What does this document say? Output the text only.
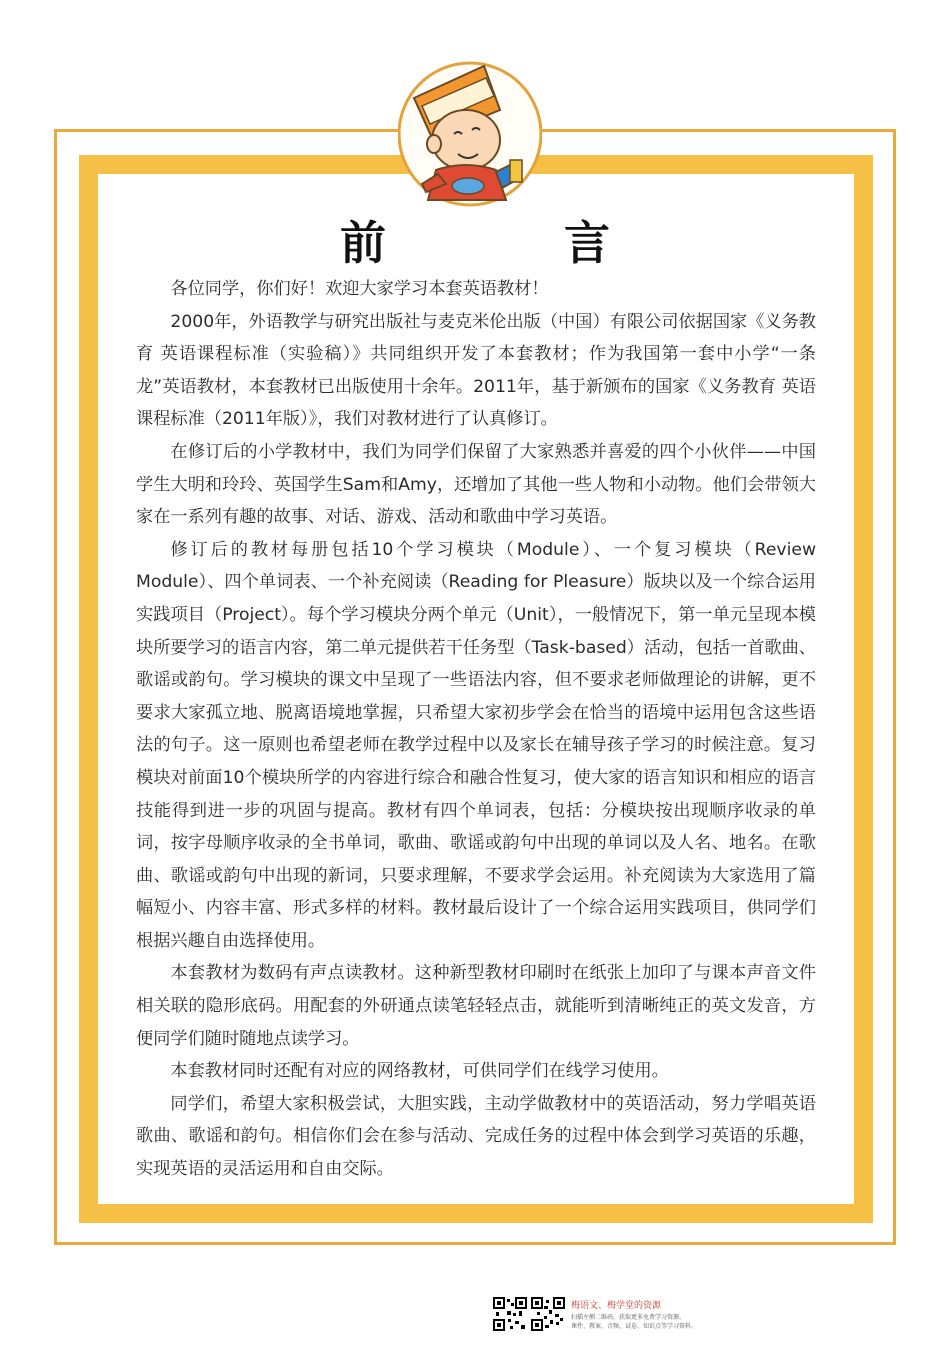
前	言

各位同学，你们好！欢迎大家学习本套英语教材！

2000年，外语教学与研究出版社与麦克米伦出版（中国）有限公司依据国家《义务教育 英语课程标准（实验稿）》共同组织开发了本套教材；作为我国第一套中小学“一条龙”英语教材，本套教材已出版使用十余年。2011年，基于新颁布的国家《义务教育 英语课程标准（2011年版）》，我们对教材进行了认真修订。

在修订后的小学教材中，我们为同学们保留了大家熟悉并喜爱的四个小伙伴——中国学生大明和玲玲、英国学生Sam和Amy，还增加了其他一些人物和小动物。他们会带领大家在一系列有趣的故事、对话、游戏、活动和歌曲中学习英语。

修订后的教材每册包括10个学习模块（Module）、一个复习模块（Review Module）、四个单词表、一个补充阅读（Reading for Pleasure）版块以及一个综合运用实践项目（Project）。每个学习模块分两个单元（Unit），一般情况下，第一单元呈现本模块所要学习的语言内容，第二单元提供若干任务型（Task-based）活动，包括一首歌曲、歌谣或韵句。学习模块的课文中呈现了一些语法内容，但不要求老师做理论的讲解，更不要求大家孤立地、脱离语境地掌握，只希望大家初步学会在恰当的语境中运用包含这些语法的句子。这一原则也希望老师在教学过程中以及家长在辅导孩子学习的时候注意。复习模块对前面10个模块所学的内容进行综合和融合性复习，使大家的语言知识和相应的语言技能得到进一步的巩固与提高。教材有四个单词表，包括：分模块按出现顺序收录的单词，按字母顺序收录的全书单词，歌曲、歌谣或韵句中出现的单词以及人名、地名。在歌曲、歌谣或韵句中出现的新词，只要求理解，不要求学会运用。补充阅读为大家选用了篇幅短小、内容丰富、形式多样的材料。教材最后设计了一个综合运用实践项目，供同学们根据兴趣自由选择使用。

本套教材为数码有声点读教材。这种新型教材印刷时在纸张上加印了与课本声音文件相关联的隐形底码。用配套的外研通点读笔轻轻点击，就能听到清晰纯正的英文发音，方便同学们随时随地点读学习。

本套教材同时还配有对应的网络教材，可供同学们在线学习使用。

同学们，希望大家积极尝试，大胆实践，主动学做教材中的英语活动，努力学唱英语歌曲、歌谣和韵句。相信你们会在参与活动、完成任务的过程中体会到学习英语的乐趣，实现英语的灵活运用和自由交际。

梅语文、梅学堂的资源
扫描左侧二维码，获取更多免费学习资源。
课件、教案、音频、试卷、知识点等学习资料。
